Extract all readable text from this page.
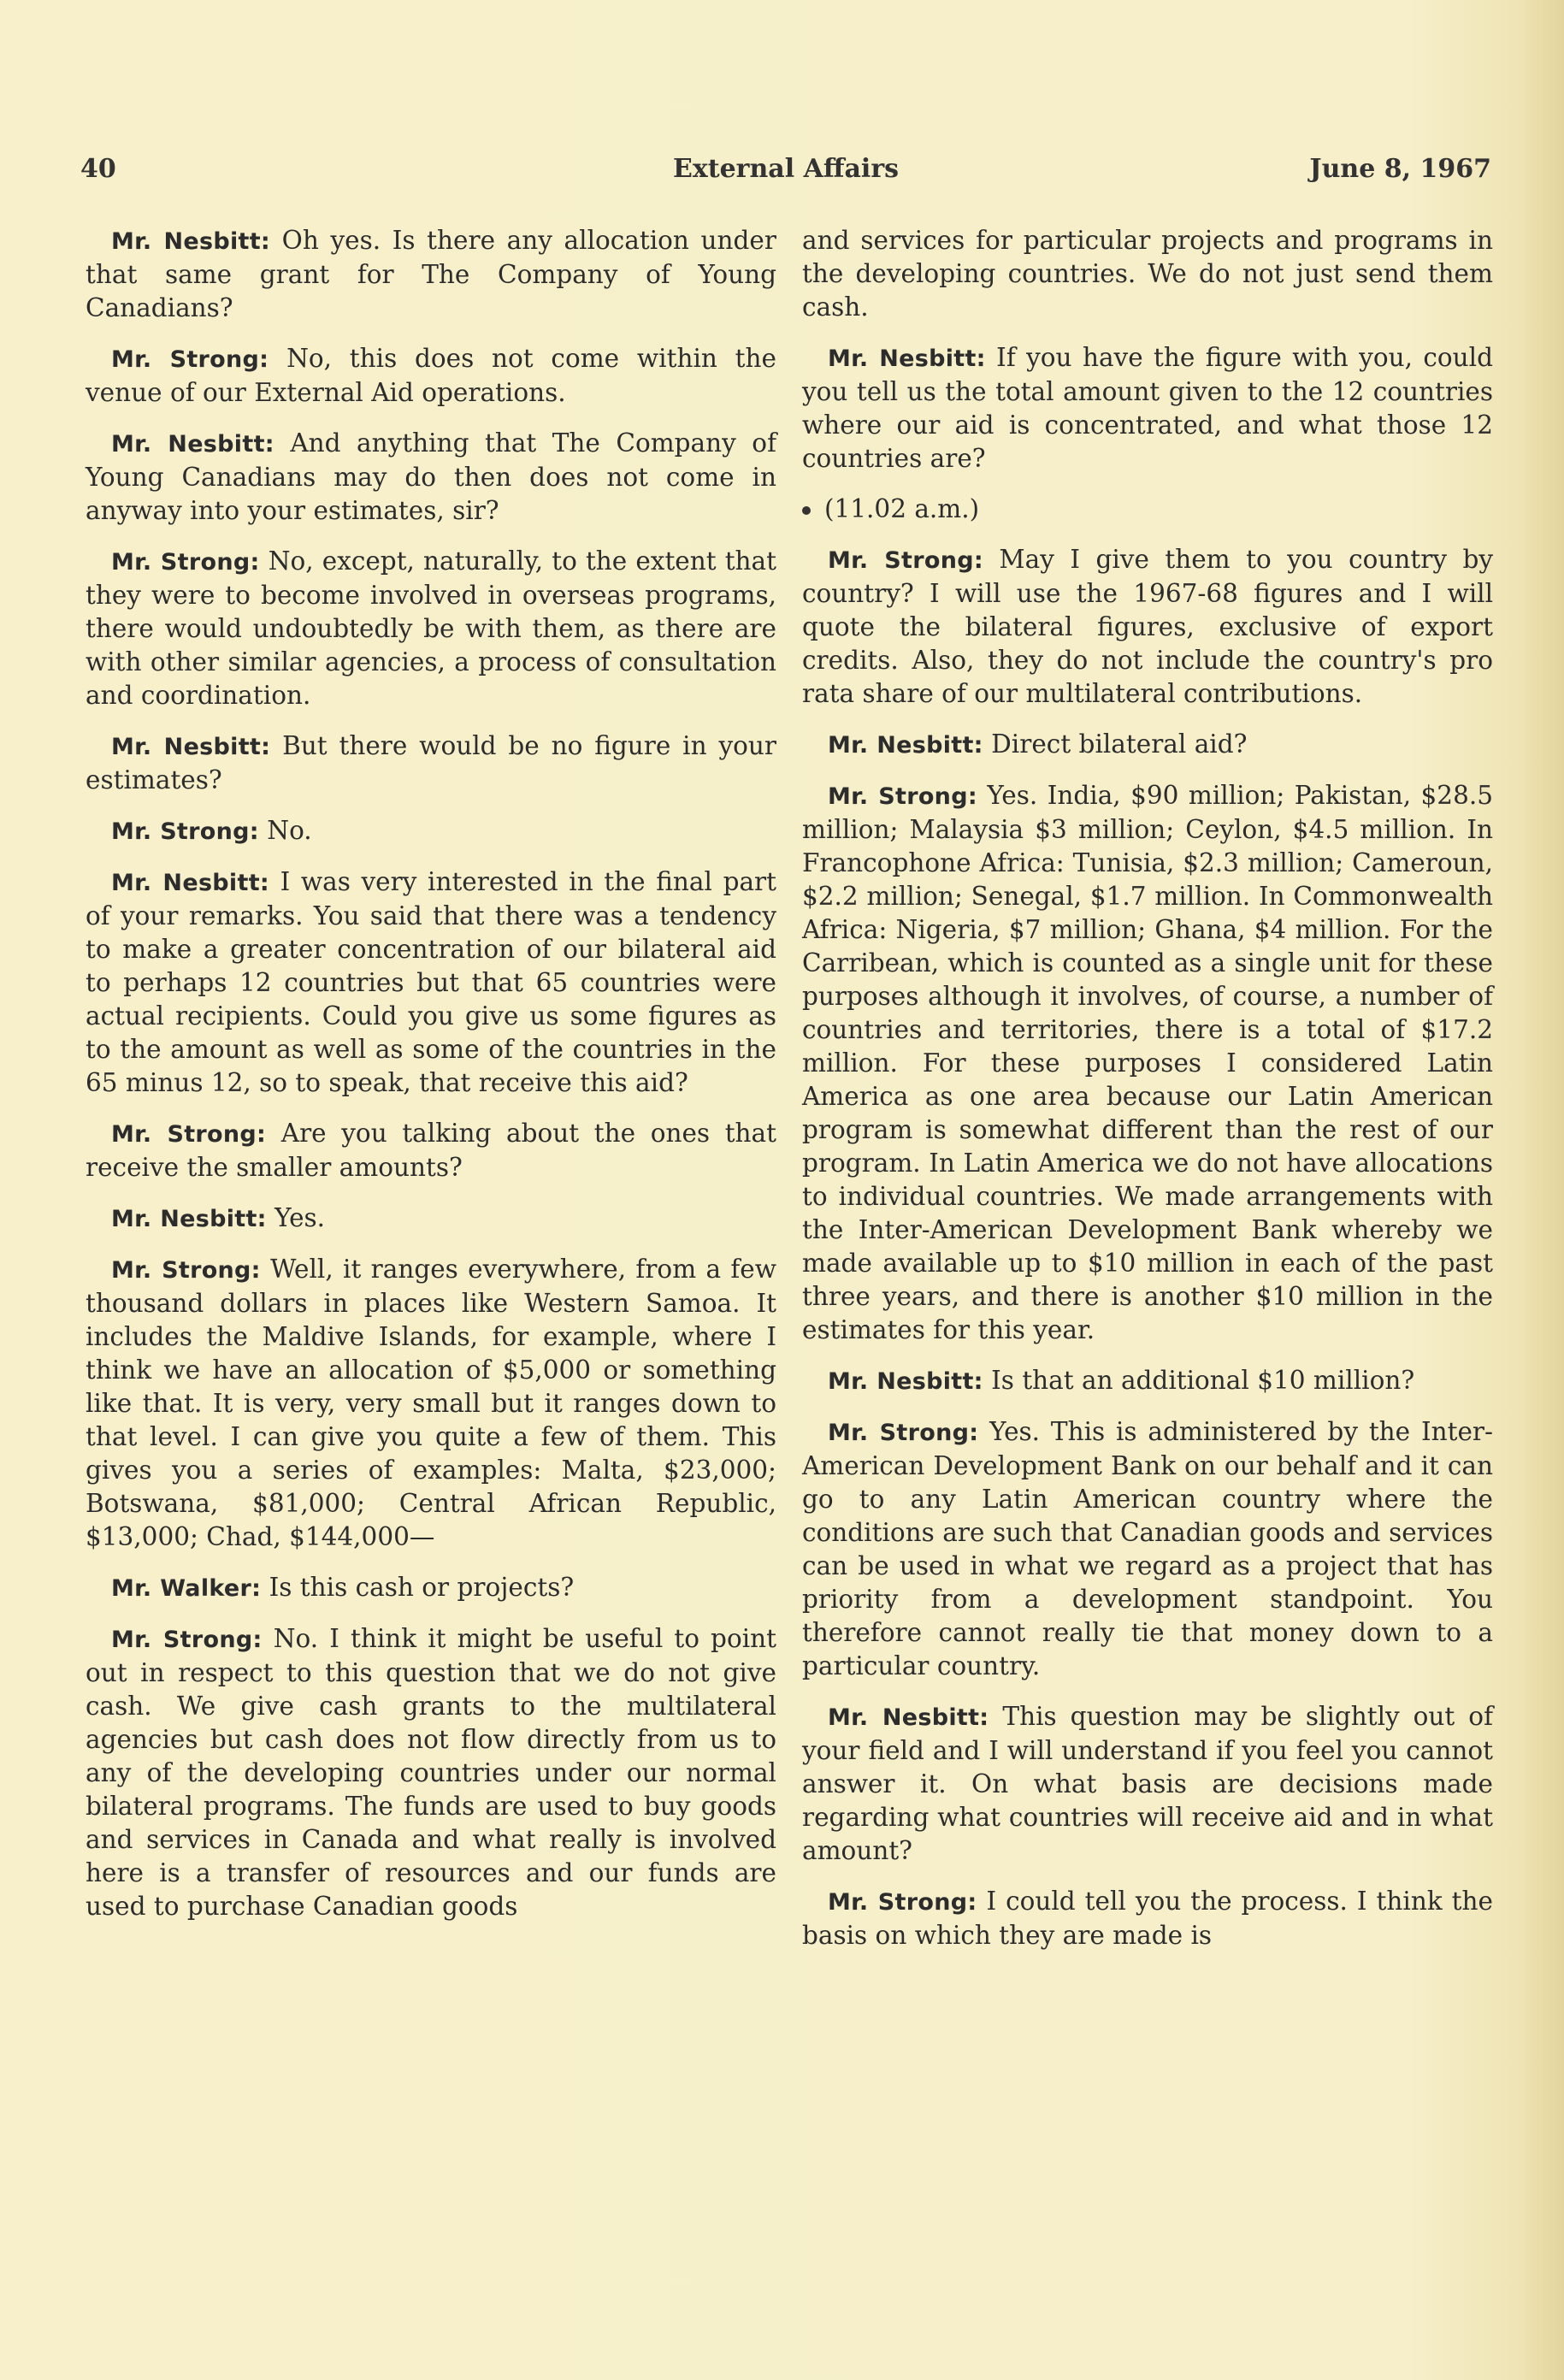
40	External Affairs	June 8, 1967

Mr. Nesbitt: Oh yes. Is there any allocation under that same grant for The Company of Young Canadians?

Mr. Strong: No, this does not come within the venue of our External Aid operations.

Mr. Nesbitt: And anything that The Company of Young Canadians may do then does not come in anyway into your estimates, sir?

Mr. Strong: No, except, naturally, to the extent that they were to become involved in overseas programs, there would undoubtedly be with them, as there are with other similar agencies, a process of consultation and coordination.

Mr. Nesbitt: But there would be no figure in your estimates?

Mr. Strong: No.

Mr. Nesbitt: I was very interested in the final part of your remarks. You said that there was a tendency to make a greater concentration of our bilateral aid to perhaps 12 countries but that 65 countries were actual recipients. Could you give us some figures as to the amount as well as some of the countries in the 65 minus 12, so to speak, that receive this aid?

Mr. Strong: Are you talking about the ones that receive the smaller amounts?

Mr. Nesbitt: Yes.

Mr. Strong: Well, it ranges everywhere, from a few thousand dollars in places like Western Samoa. It includes the Maldive Islands, for example, where I think we have an allocation of $5,000 or something like that. It is very, very small but it ranges down to that level. I can give you quite a few of them. This gives you a series of examples: Malta, $23,000; Botswana, $81,000; Central African Republic, $13,000; Chad, $144,000—

Mr. Walker: Is this cash or projects?

Mr. Strong: No. I think it might be useful to point out in respect to this question that we do not give cash. We give cash grants to the multilateral agencies but cash does not flow directly from us to any of the developing countries under our normal bilateral programs. The funds are used to buy goods and services in Canada and what really is involved here is a transfer of resources and our funds are used to purchase Canadian goods

and services for particular projects and programs in the developing countries. We do not just send them cash.

Mr. Nesbitt: If you have the figure with you, could you tell us the total amount given to the 12 countries where our aid is concentrated, and what those 12 countries are?

(11.02 a.m.)

Mr. Strong: May I give them to you country by country? I will use the 1967-68 figures and I will quote the bilateral figures, exclusive of export credits. Also, they do not include the country's pro rata share of our multilateral contributions.

Mr. Nesbitt: Direct bilateral aid?

Mr. Strong: Yes. India, $90 million; Pakistan, $28.5 million; Malaysia $3 million; Ceylon, $4.5 million. In Francophone Africa: Tunisia, $2.3 million; Cameroun, $2.2 million; Senegal, $1.7 million. In Commonwealth Africa: Nigeria, $7 million; Ghana, $4 million. For the Carribean, which is counted as a single unit for these purposes although it involves, of course, a number of countries and territories, there is a total of $17.2 million. For these purposes I considered Latin America as one area because our Latin American program is somewhat different than the rest of our program. In Latin America we do not have allocations to individual countries. We made arrangements with the Inter-American Development Bank whereby we made available up to $10 million in each of the past three years, and there is another $10 million in the estimates for this year.

Mr. Nesbitt: Is that an additional $10 million?

Mr. Strong: Yes. This is administered by the Inter-American Development Bank on our behalf and it can go to any Latin American country where the conditions are such that Canadian goods and services can be used in what we regard as a project that has priority from a development standpoint. You therefore cannot really tie that money down to a particular country.

Mr. Nesbitt: This question may be slightly out of your field and I will understand if you feel you cannot answer it. On what basis are decisions made regarding what countries will receive aid and in what amount?

Mr. Strong: I could tell you the process. I think the basis on which they are made is
